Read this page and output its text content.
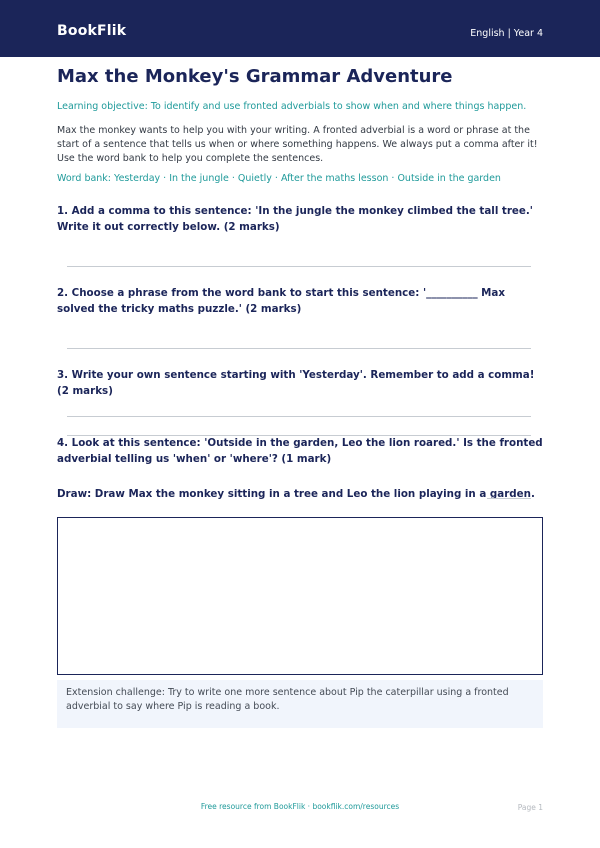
BookFlik	English | Year 4
Max the Monkey's Grammar Adventure

Learning objective: To identify and use fronted adverbials to show when and where things happen.

Max the monkey wants to help you with your writing. A fronted adverbial is a word or phrase at the start of a sentence that tells us when or where something happens. We always put a comma after it! Use the word bank to help you complete the sentences.

Word bank: Yesterday · In the jungle · Quietly · After the maths lesson · Outside in the garden

1. Add a comma to this sentence: 'In the jungle the monkey climbed the tall tree.' Write it out correctly below. (2 marks)

2. Choose a phrase from the word bank to start this sentence: '__________ Max solved the tricky maths puzzle.' (2 marks)

3. Write your own sentence starting with 'Yesterday'. Remember to add a comma! (2 marks)

4. Look at this sentence: 'Outside in the garden, Leo the lion roared.' Is the fronted adverbial telling us 'when' or 'where'? (1 mark)

Draw: Draw Max the monkey sitting in a tree and Leo the lion playing in a garden.

Extension challenge: Try to write one more sentence about Pip the caterpillar using a fronted adverbial to say where Pip is reading a book.
Free resource from BookFlik · bookflik.com/resources	Page 1
